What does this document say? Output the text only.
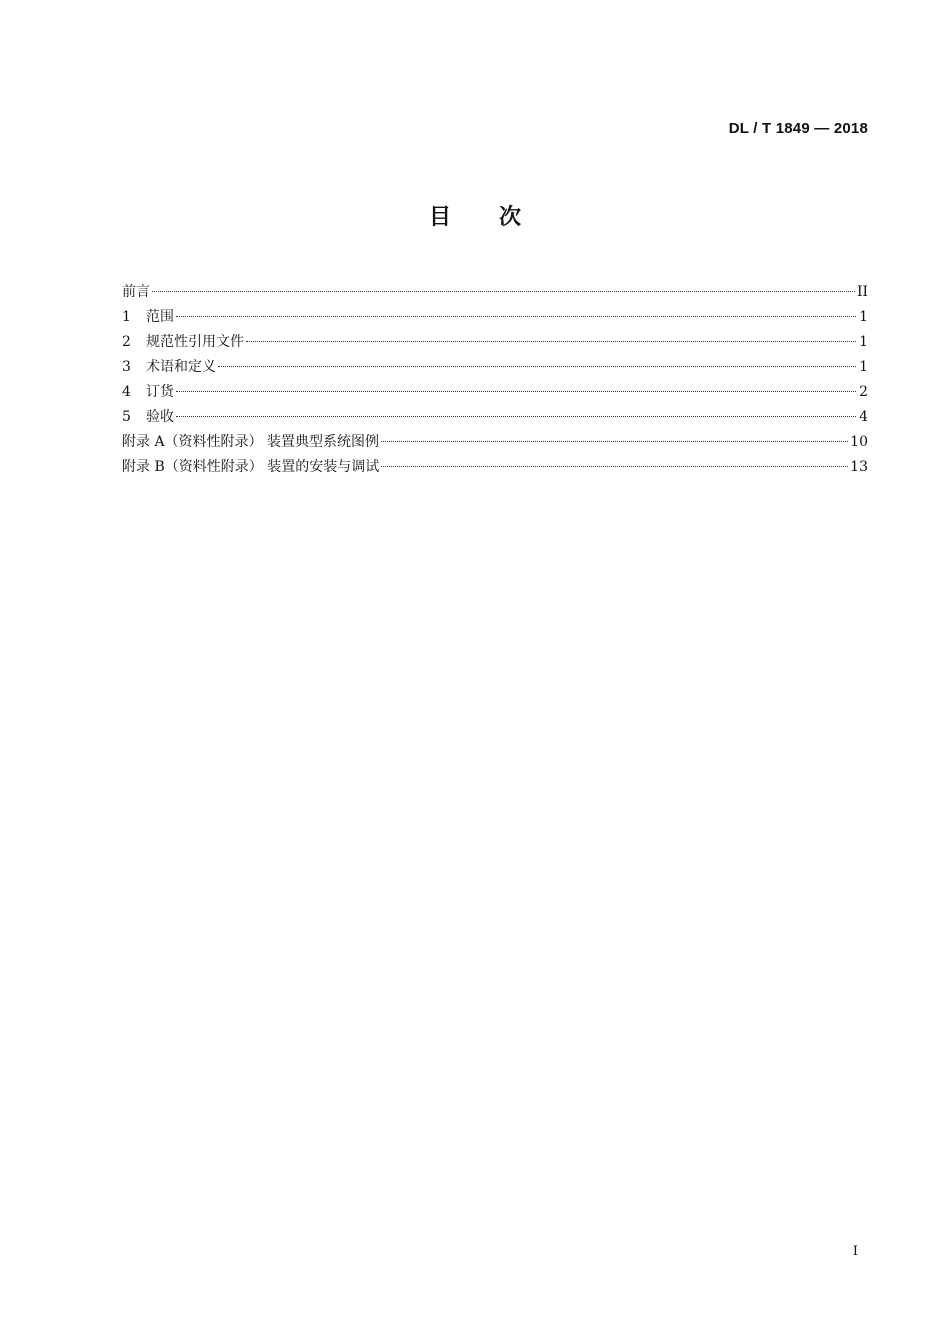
DL / T 1849 — 2018
目次
前言	II
1 范围	1
2 规范性引用文件	1
3 术语和定义	1
4 订货	2
5 验收	4
附录 A（资料性附录） 装置典型系统图例	10
附录 B（资料性附录） 装置的安装与调试	13
I
